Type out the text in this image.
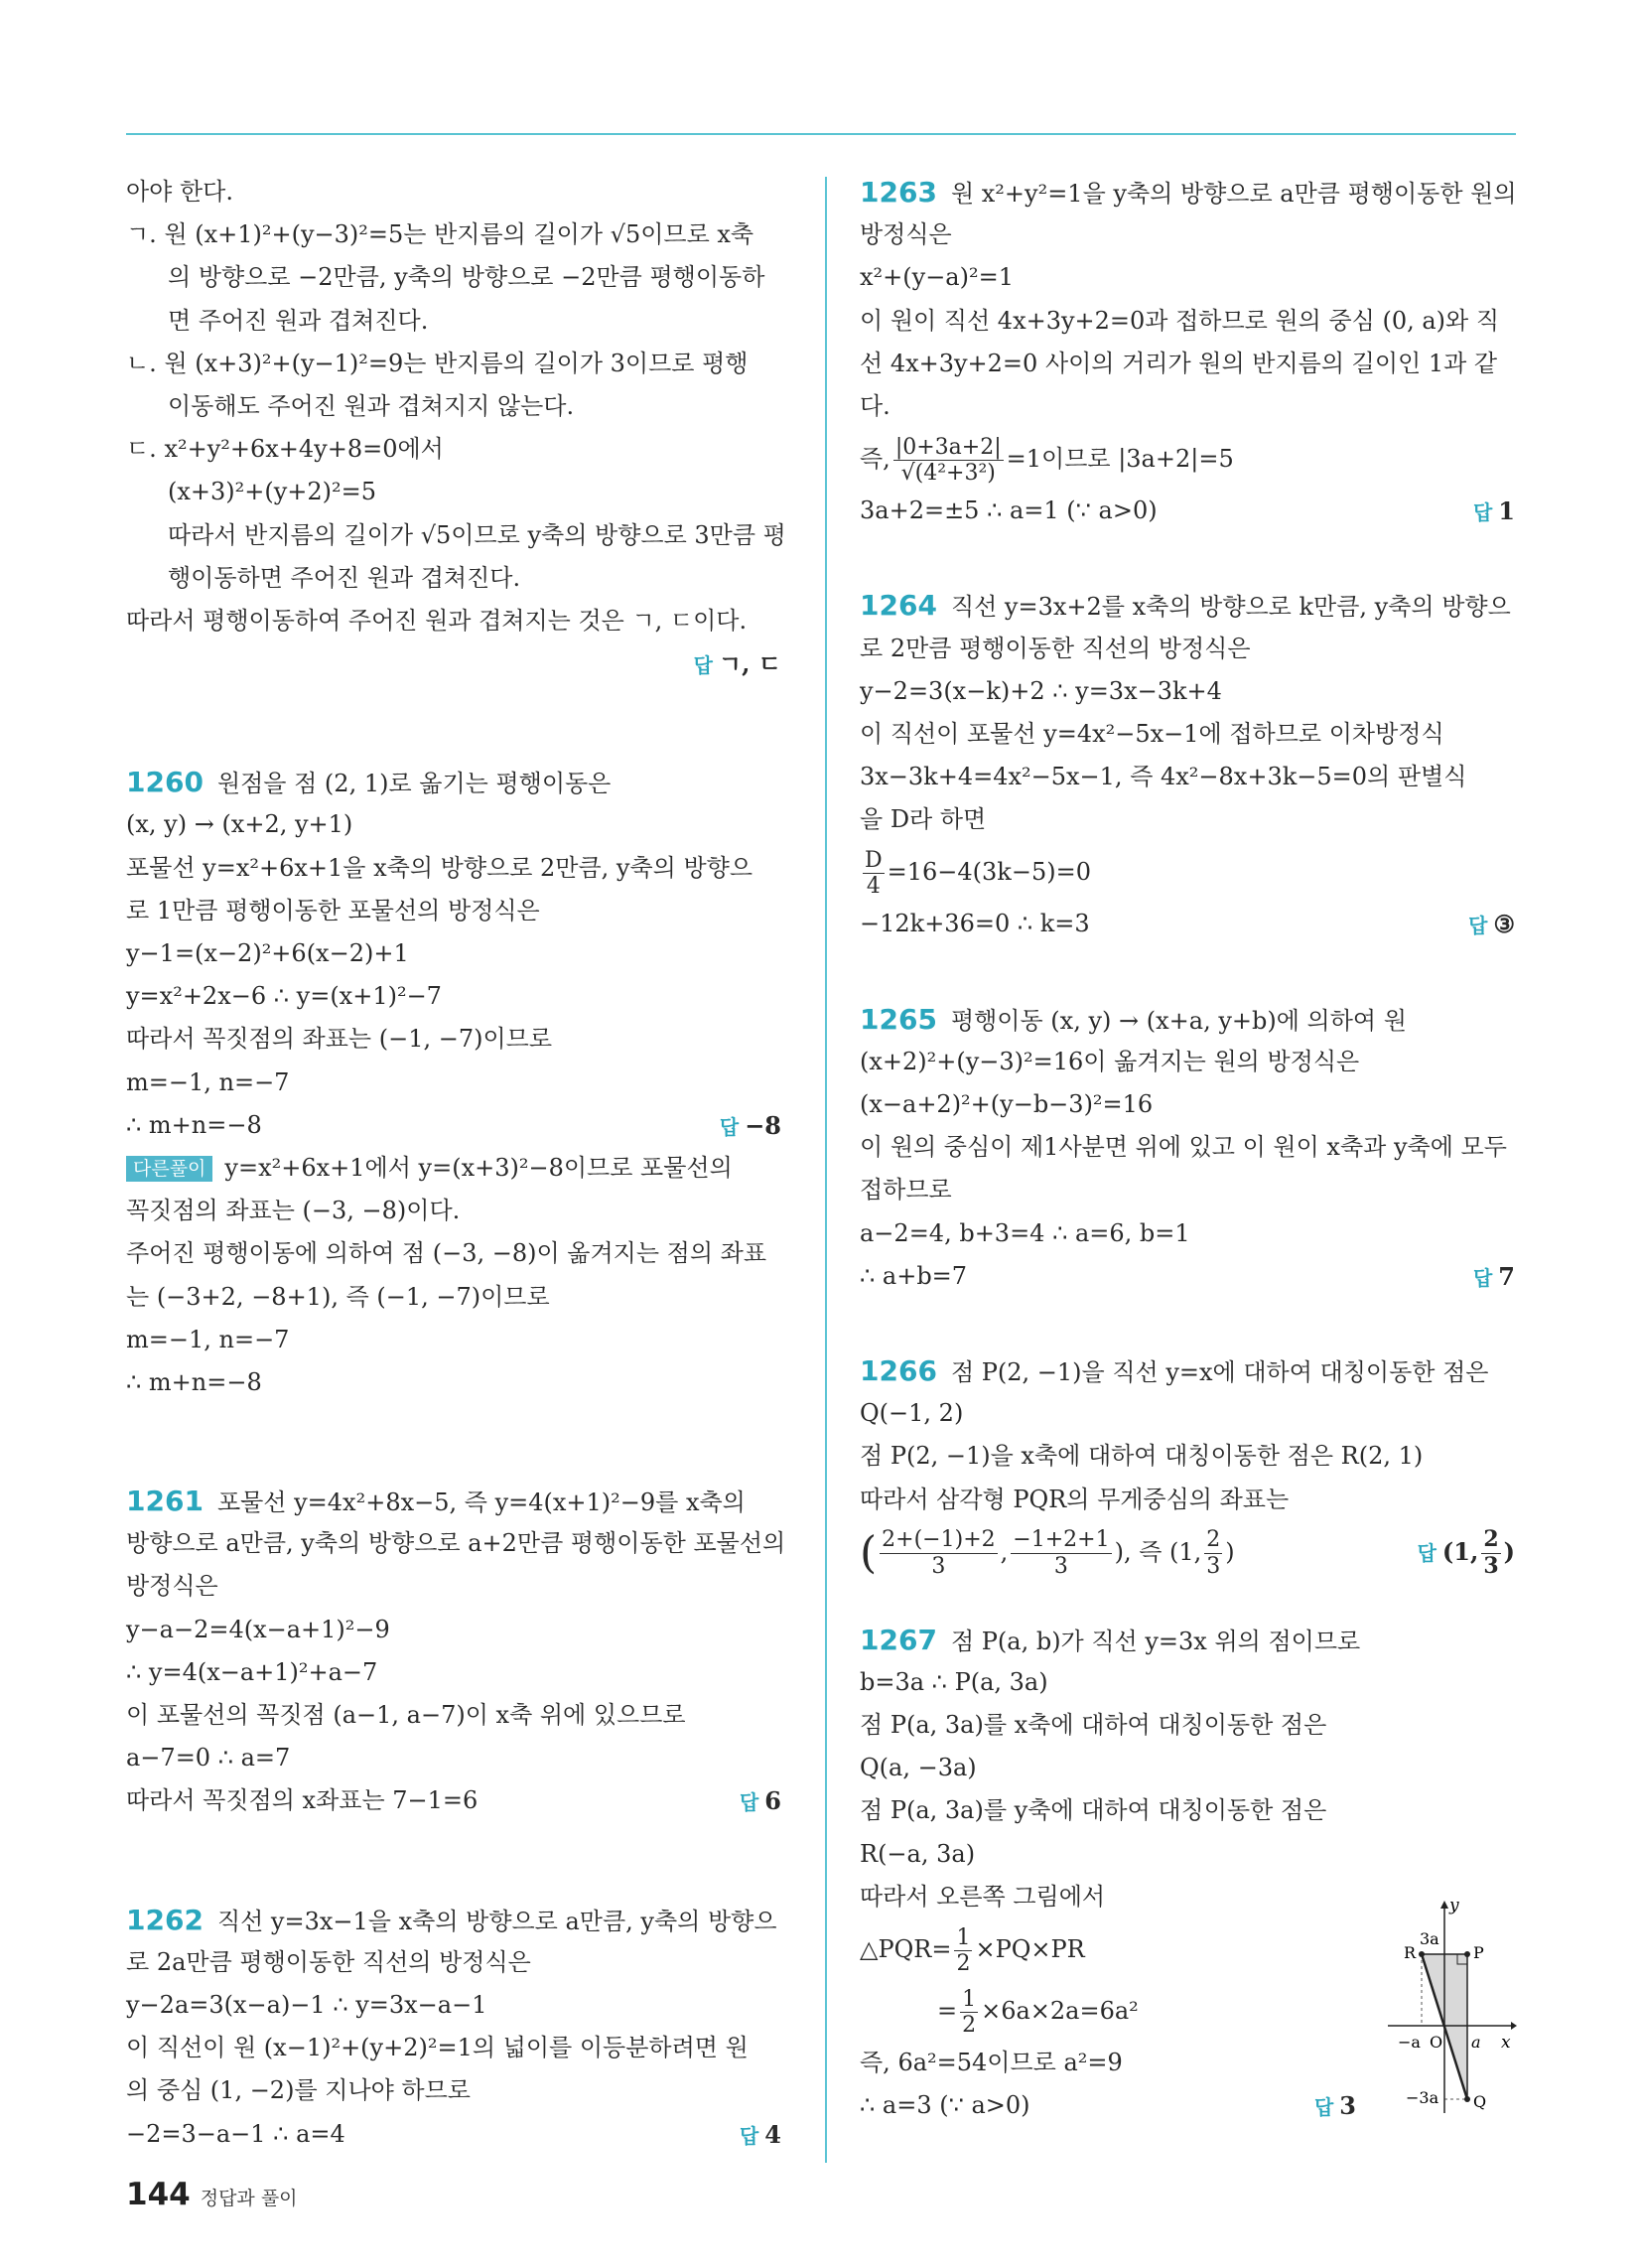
아야 한다.
ㄱ. 원 (x+1)²+(y−3)²=5는 반지름의 길이가 √5이므로 x축
의 방향으로 −2만큼, y축의 방향으로 −2만큼 평행이동하
면 주어진 원과 겹쳐진다.
ㄴ. 원 (x+3)²+(y−1)²=9는 반지름의 길이가 3이므로 평행
이동해도 주어진 원과 겹쳐지지 않는다.
ㄷ. x²+y²+6x+4y+8=0에서
(x+3)²+(y+2)²=5
따라서 반지름의 길이가 √5이므로 y축의 방향으로 3만큼 평
행이동하면 주어진 원과 겹쳐진다.
따라서 평행이동하여 주어진 원과 겹쳐지는 것은 ㄱ, ㄷ이다.
답 ㄱ, ㄷ
1260 원점을 점 (2, 1)로 옮기는 평행이동은
(x, y) → (x+2, y+1)
포물선 y=x²+6x+1을 x축의 방향으로 2만큼, y축의 방향으
로 1만큼 평행이동한 포물선의 방정식은
y−1=(x−2)²+6(x−2)+1
y=x²+2x−6 ∴ y=(x+1)²−7
따라서 꼭짓점의 좌표는 (−1, −7)이므로
m=−1, n=−7
∴ m+n=−8	답 −8
다른풀이 y=x²+6x+1에서 y=(x+3)²−8이므로 포물선의
꼭짓점의 좌표는 (−3, −8)이다.
주어진 평행이동에 의하여 점 (−3, −8)이 옮겨지는 점의 좌표
는 (−3+2, −8+1), 즉 (−1, −7)이므로
m=−1, n=−7
∴ m+n=−8
1261 포물선 y=4x²+8x−5, 즉 y=4(x+1)²−9를 x축의
방향으로 a만큼, y축의 방향으로 a+2만큼 평행이동한 포물선의
방정식은
y−a−2=4(x−a+1)²−9
∴ y=4(x−a+1)²+a−7
이 포물선의 꼭짓점 (a−1, a−7)이 x축 위에 있으므로
a−7=0 ∴ a=7
따라서 꼭짓점의 x좌표는 7−1=6	답 6
1262 직선 y=3x−1을 x축의 방향으로 a만큼, y축의 방향으
로 2a만큼 평행이동한 직선의 방정식은
y−2a=3(x−a)−1 ∴ y=3x−a−1
이 직선이 원 (x−1)²+(y+2)²=1의 넓이를 이등분하려면 원
의 중심 (1, −2)를 지나야 하므로
−2=3−a−1 ∴ a=4	답 4
1263 원 x²+y²=1을 y축의 방향으로 a만큼 평행이동한 원의
방정식은
x²+(y−a)²=1
이 원이 직선 4x+3y+2=0과 접하므로 원의 중심 (0, a)와 직
선 4x+3y+2=0 사이의 거리가 원의 반지름의 길이인 1과 같
다.
즉, $\frac{|0+3a+2|}{\text{√(4²+3²)}} =1$이므로 |3a+2|=5
3a+2=±5 ∴ a=1 (∵ a>0)	답 1
1264 직선 y=3x+2를 x축의 방향으로 k만큼, y축의 방향으
로 2만큼 평행이동한 직선의 방정식은
y−2=3(x−k)+2 ∴ y=3x−3k+4
이 직선이 포물선 y=4x²−5x−1에 접하므로 이차방정식
3x−3k+4=4x²−5x−1, 즉 4x²−8x+3k−5=0의 판별식
을 D라 하면
$\frac{D}{4} =16-4(3k-5)=0$
−12k+36=0 ∴ k=3	답 ③
1265 평행이동 (x, y) → (x+a, y+b)에 의하여 원
(x+2)²+(y−3)²=16이 옮겨지는 원의 방정식은
(x−a+2)²+(y−b−3)²=16
이 원의 중심이 제1사분면 위에 있고 이 원이 x축과 y축에 모두
접하므로
a−2=4, b+3=4 ∴ a=6, b=1
∴ a+b=7	답 7
1266 점 P(2, −1)을 직선 y=x에 대하여 대칭이동한 점은
Q(−1, 2)
점 P(2, −1)을 x축에 대하여 대칭이동한 점은 R(2, 1)
따라서 삼각형 PQR의 무게중심의 좌표는
( $\frac{2+(-1)+2}{3}$ , $\frac{-1+2+1}{3}$ ), 즉 (1, $\frac{2}{3}$ )	답 (1, $\frac{2}{3}$ )
1267 점 P(a, b)가 직선 y=3x 위의 점이므로
b=3a ∴ P(a, 3a)
점 P(a, 3a)를 x축에 대하여 대칭이동한 점은
Q(a, −3a)
점 P(a, 3a)를 y축에 대하여 대칭이동한 점은
R(−a, 3a)
따라서 오른쪽 그림에서
△PQR= $\frac{1}{2} \times PQ\times PR$
= $\frac{1}{2} \times 6a\times 2a=6a^2$
즉, 6a²=54이므로 a²=9
∴ a=3 (∵ a>0)	답 3
y
x
3a
−3a
−a O a
P
Q
R
144 정답과 풀이
